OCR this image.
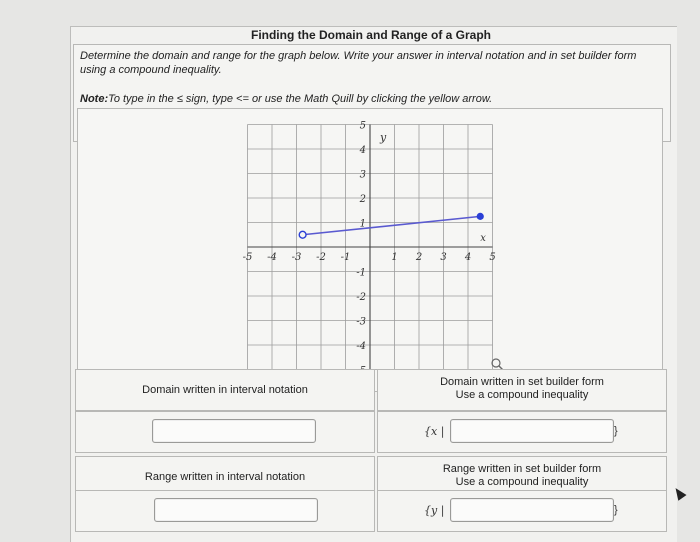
Finding the Domain and Range of a Graph
Determine the domain and range for the graph below. Write your answer in interval notation and in set builder form using a compound inequality.
Note:To type in the ≤ sign, type <= or use the Math Quill by clicking the yellow arrow.
-5 -4 -3 -2 -1	1 2 3 4 5
5
4
3
2
1
-1
-2
-3
-4
x
y
Domain written in interval notation
Domain written in set builder form
Use a compound inequality
{x |	}
Range written in interval notation
Range written in set builder form
Use a compound inequality
{y |	}
